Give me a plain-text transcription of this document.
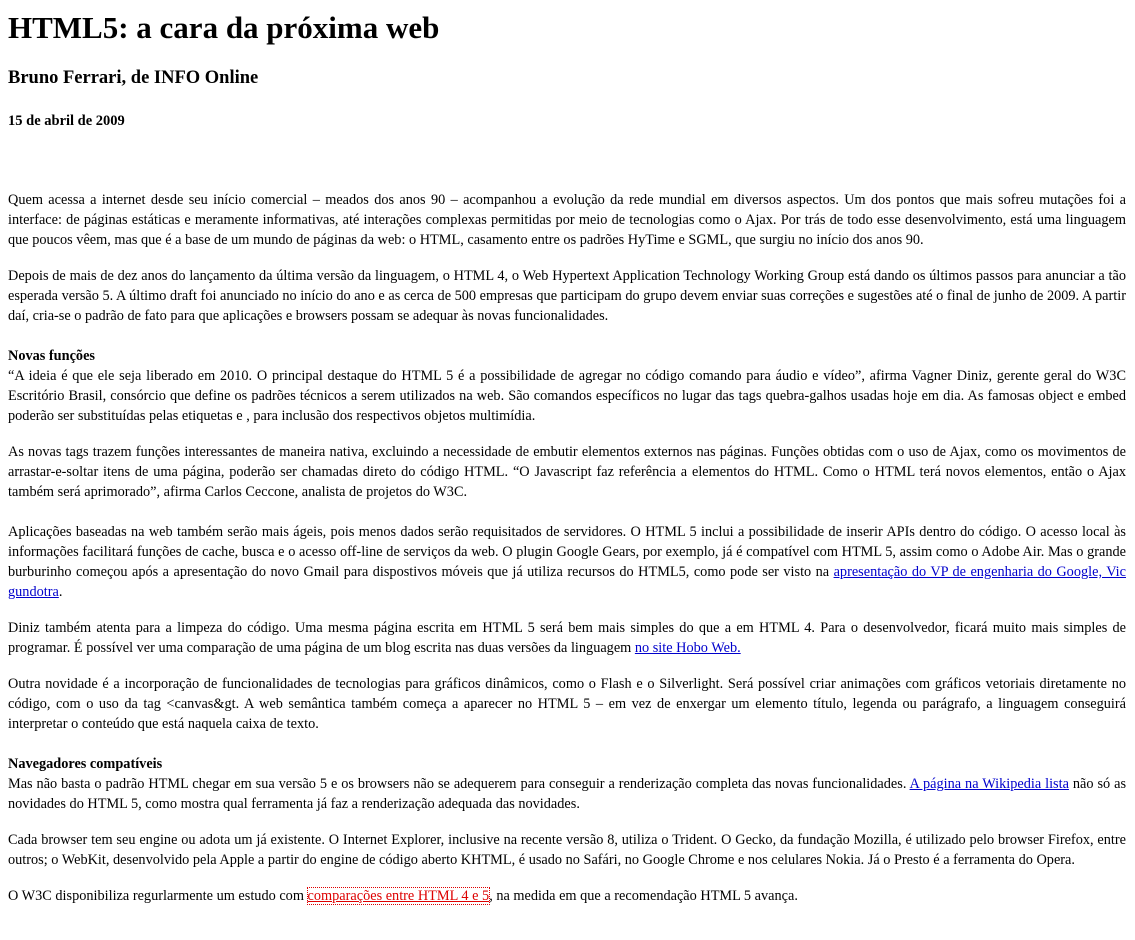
HTML5: a cara da próxima web
Bruno Ferrari, de INFO Online
15 de abril de 2009

Quem acessa a internet desde seu início comercial – meados dos anos 90 – acompanhou a evolução da rede mundial em diversos aspectos. Um dos pontos que mais sofreu mutações foi a interface: de páginas estáticas e meramente informativas, até interações complexas permitidas por meio de tecnologias como o Ajax. Por trás de todo esse desenvolvimento, está uma linguagem que poucos vêem, mas que é a base de um mundo de páginas da web: o HTML, casamento entre os padrões HyTime e SGML, que surgiu no início dos anos 90.

Depois de mais de dez anos do lançamento da última versão da linguagem, o HTML 4, o Web Hypertext Application Technology Working Group está dando os últimos passos para anunciar a tão esperada versão 5. A último draft foi anunciado no início do ano e as cerca de 500 empresas que participam do grupo devem enviar suas correções e sugestões até o final de junho de 2009. A partir daí, cria-se o padrão de fato para que aplicações e browsers possam se adequar às novas funcionalidades.

Novas funções
“A ideia é que ele seja liberado em 2010. O principal destaque do HTML 5 é a possibilidade de agregar no código comando para áudio e vídeo”, afirma Vagner Diniz, gerente geral do W3C Escritório Brasil, consórcio que define os padrões técnicos a serem utilizados na web. São comandos específicos no lugar das tags quebra-galhos usadas hoje em dia. As famosas object e embed poderão ser substituídas pelas etiquetas e , para inclusão dos respectivos objetos multimídia.

As novas tags trazem funções interessantes de maneira nativa, excluindo a necessidade de embutir elementos externos nas páginas. Funções obtidas com o uso de Ajax, como os movimentos de arrastar-e-soltar itens de uma página, poderão ser chamadas direto do código HTML. “O Javascript faz referência a elementos do HTML. Como o HTML terá novos elementos, então o Ajax também será aprimorado”, afirma Carlos Ceccone, analista de projetos do W3C.

Aplicações baseadas na web também serão mais ágeis, pois menos dados serão requisitados de servidores. O HTML 5 inclui a possibilidade de inserir APIs dentro do código. O acesso local às informações facilitará funções de cache, busca e o acesso off-line de serviços da web. O plugin Google Gears, por exemplo, já é compatível com HTML 5, assim como o Adobe Air. Mas o grande burburinho começou após a apresentação do novo Gmail para dispostivos móveis que já utiliza recursos do HTML5, como pode ser visto na apresentação do VP de engenharia do Google, Vic gundotra.

Diniz também atenta para a limpeza do código. Uma mesma página escrita em HTML 5 será bem mais simples do que a em HTML 4. Para o desenvolvedor, ficará muito mais simples de programar. É possível ver uma comparação de uma página de um blog escrita nas duas versões da linguagem no site Hobo Web.

Outra novidade é a incorporação de funcionalidades de tecnologias para gráficos dinâmicos, como o Flash e o Silverlight. Será possível criar animações com gráficos vetoriais diretamente no código, com o uso da tag <canvas&gt. A web semântica também começa a aparecer no HTML 5 – em vez de enxergar um elemento título, legenda ou parágrafo, a linguagem conseguirá interpretar o conteúdo que está naquela caixa de texto.

Navegadores compatíveis
Mas não basta o padrão HTML chegar em sua versão 5 e os browsers não se adequerem para conseguir a renderização completa das novas funcionalidades. A página na Wikipedia lista não só as novidades do HTML 5, como mostra qual ferramenta já faz a renderização adequada das novidades.

Cada browser tem seu engine ou adota um já existente. O Internet Explorer, inclusive na recente versão 8, utiliza o Trident. O Gecko, da fundação Mozilla, é utilizado pelo browser Firefox, entre outros; o WebKit, desenvolvido pela Apple a partir do engine de código aberto KHTML, é usado no Safári, no Google Chrome e nos celulares Nokia. Já o Presto é a ferramenta do Opera.

O W3C disponibiliza regurlarmente um estudo com comparações entre HTML 4 e 5, na medida em que a recomendação HTML 5 avança.
